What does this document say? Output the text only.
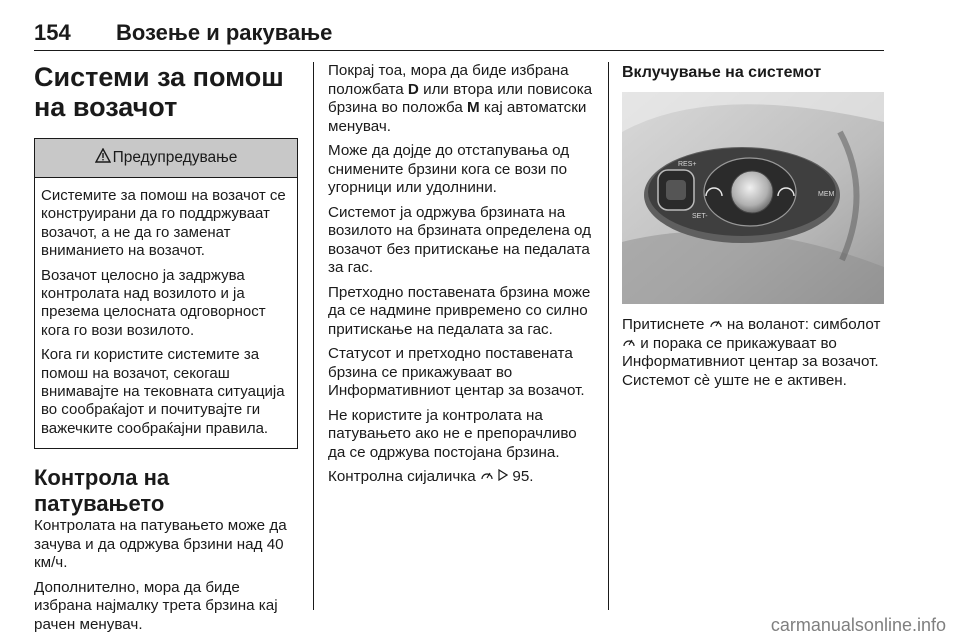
154 Возење и ракување
Системи за помош на возачот
Предупредување

Системите за помош на возачот се конструирани да го поддржуваат возачот, а не да го заменат вниманието на возачот.

Возачот целосно ја задржува контролата над возилото и ја презема целосната одговорност кога го вози возилото.

Кога ги користите системите за помош на возачот, секогаш внимавајте на тековната ситуација во сообраќајот и почитувајте ги важечките сообраќајни правила.

Контрола на патувањето

Контролата на патувањето може да зачува и да одржува брзини над 40 км/ч.

Дополнително, мора да биде избрана најмалку трета брзина кај рачен менувач.

Покрај тоа, мора да биде избрана положбата D или втора или повисока брзина во положба M кај автоматски менувач.

Може да дојде до отстапувања од снимените брзини кога се вози по угорници или удолнини.

Системот ја одржува брзината на возилото на брзината определена од возачот без притискање на педалата за гас.

Претходно поставената брзина може да се надмине привремено со силно притискање на педалата за гас.

Статусот и претходно поставената брзина се прикажуваат во Информативниот центар за возачот.

Не користите ја контролата на патувањето ако не е препорачливо да се одржува постојана брзина.

Контролна сијаличка   95.

Вклучување на системот
RES+
SET-
MEM

Притиснете  на воланот: симболот  и порака се прикажуваат во Информативниот центар за возачот. Системот сè уште не е активен.

carmanualsonline.info
